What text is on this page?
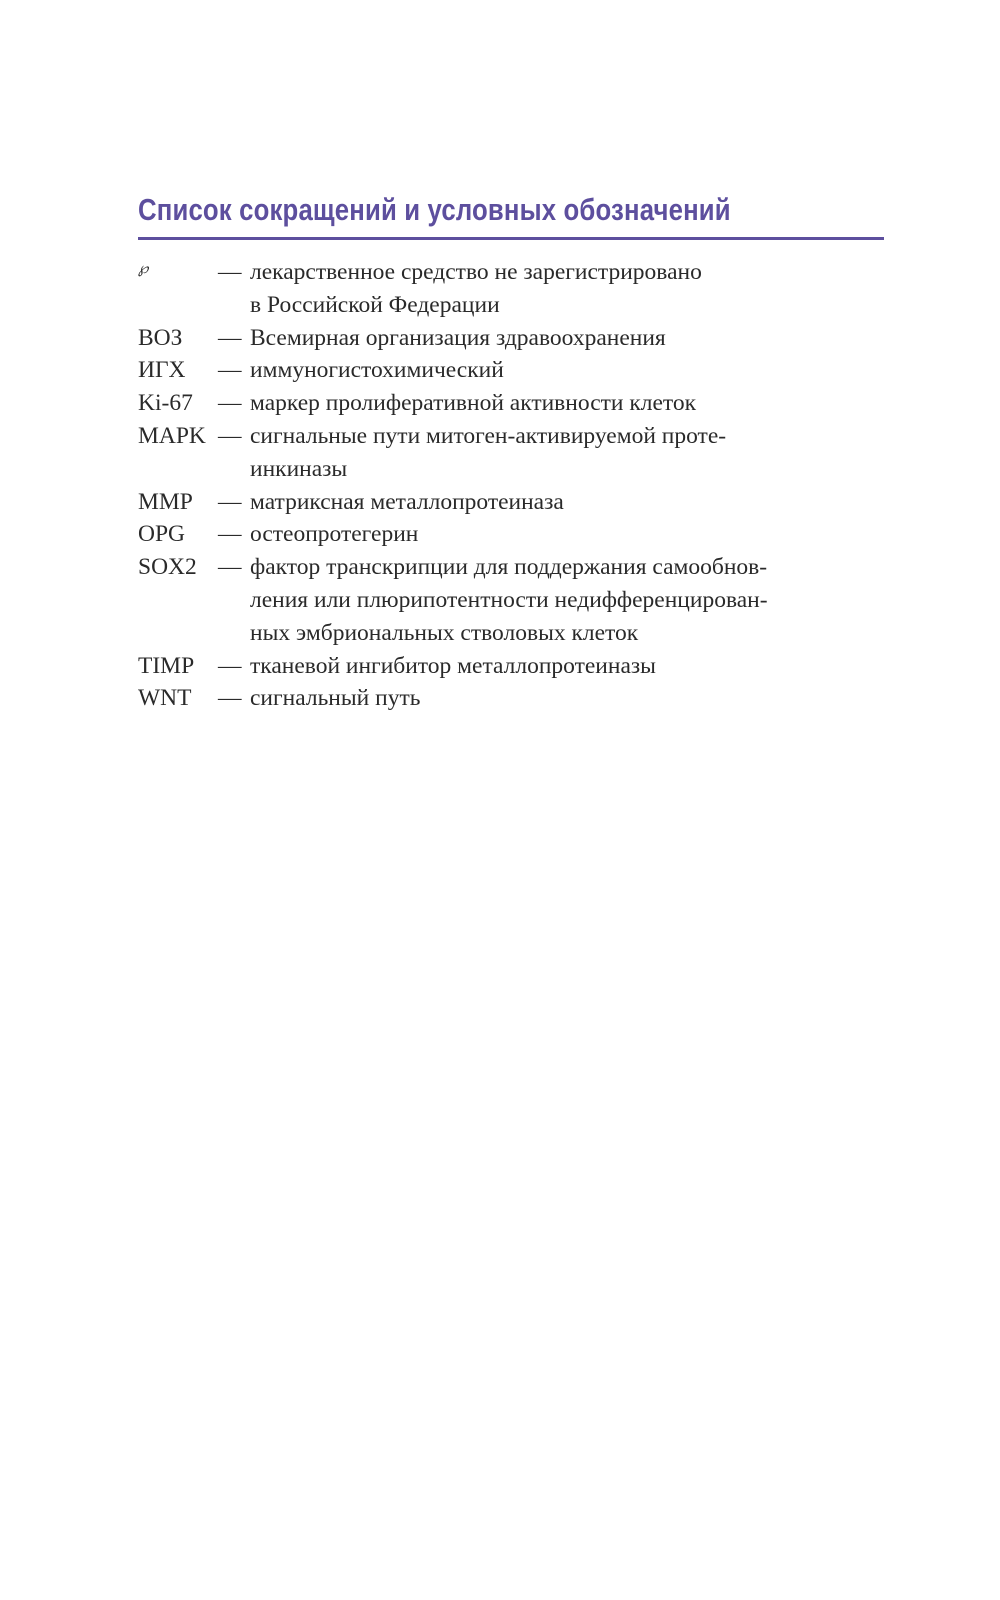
Список сокращений и условных обозначений
℘	— лекарственное средство не зарегистрировано
в Российской Федерации
ВОЗ	— Всемирная организация здравоохранения
ИГХ	— иммуногистохимический
Ki-67	— маркер пролиферативной активности клеток
MAPK — сигнальные пути митоген-активируемой проте-
инкиназы
MMP	— матриксная металлопротеиназа
OPG	— остеопротегерин
SOX2 — фактор транскрипции для поддержания самообнов-
ления или плюрипотентности недифференцирован-
ных эмбриональных стволовых клеток
TIMP	— тканевой ингибитор металлопротеиназы
WNT	— сигнальный путь
